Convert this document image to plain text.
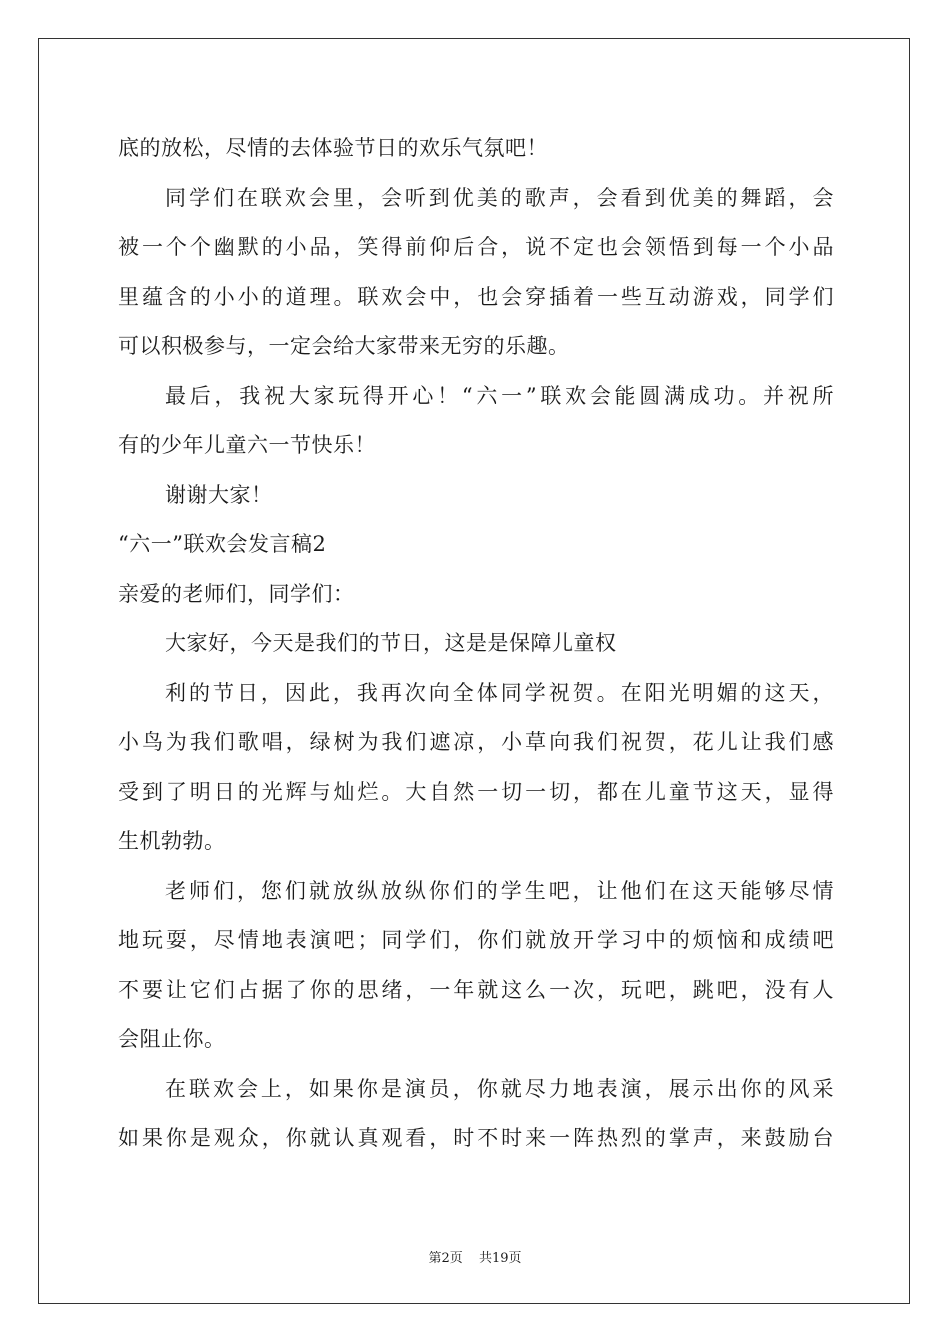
底的放松，尽情的去体验节日的欢乐气氛吧！
同学们在联欢会里，会听到优美的歌声，会看到优美的舞蹈，会
被一个个幽默的小品，笑得前仰后合，说不定也会领悟到每一个小品
里蕴含的小小的道理。联欢会中，也会穿插着一些互动游戏，同学们
可以积极参与，一定会给大家带来无穷的乐趣。
最后，我祝大家玩得开心！“六一”联欢会能圆满成功。并祝所
有的少年儿童六一节快乐！
谢谢大家！
“六一”联欢会发言稿2
亲爱的老师们，同学们：
大家好，今天是我们的节日，这是是保障儿童权
利的节日，因此，我再次向全体同学祝贺。在阳光明媚的这天，
小鸟为我们歌唱，绿树为我们遮凉，小草向我们祝贺，花儿让我们感
受到了明日的光辉与灿烂。大自然一切一切，都在儿童节这天，显得
生机勃勃。
老师们，您们就放纵放纵你们的学生吧，让他们在这天能够尽情
地玩耍，尽情地表演吧；同学们，你们就放开学习中的烦恼和成绩吧
不要让它们占据了你的思绪，一年就这么一次，玩吧，跳吧，没有人
会阻止你。
在联欢会上，如果你是演员，你就尽力地表演，展示出你的风采
如果你是观众，你就认真观看，时不时来一阵热烈的掌声，来鼓励台
第2页 共19页
